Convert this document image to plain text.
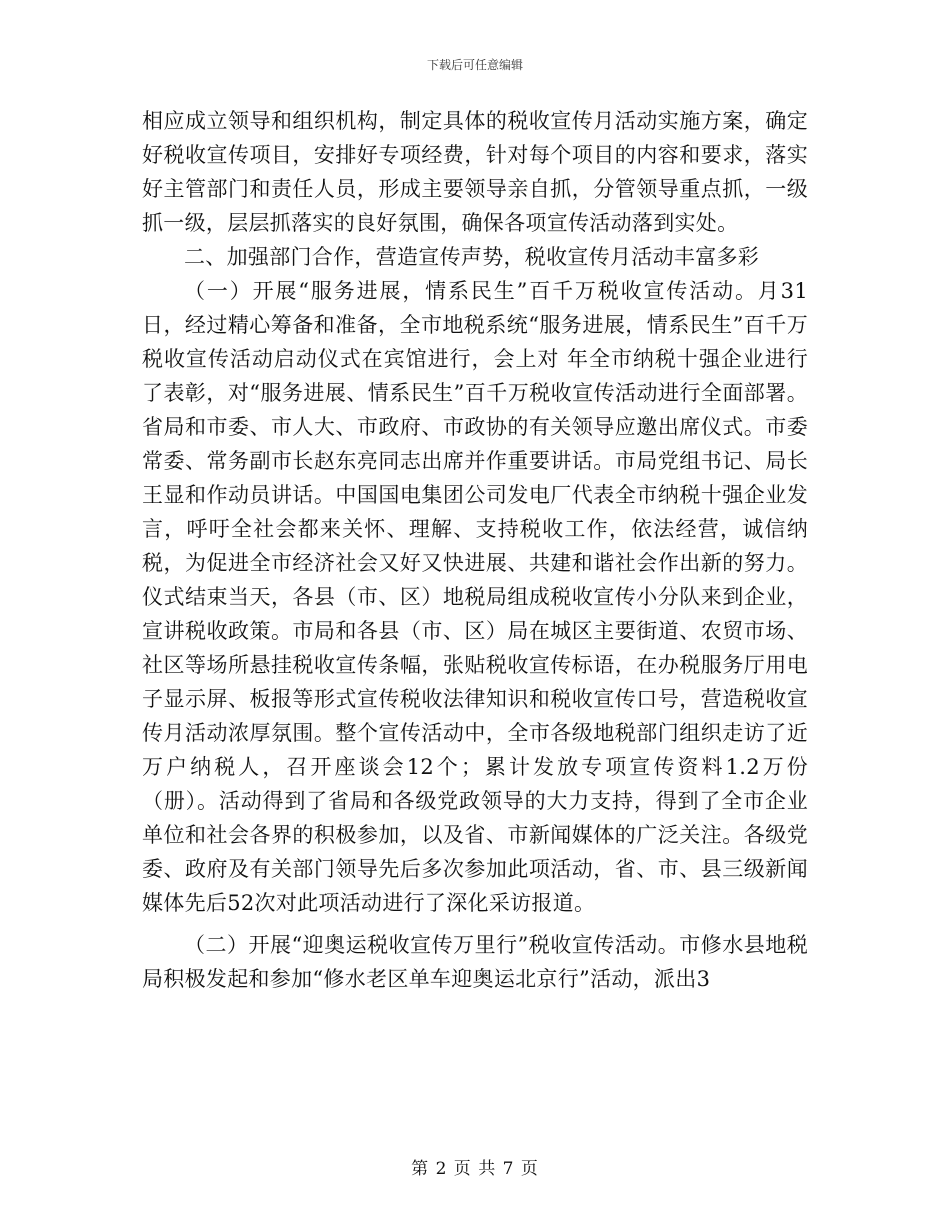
下载后可任意编辑

相应成立领导和组织机构，制定具体的税收宣传月活动实施方案，确定好税收宣传项目，安排好专项经费，针对每个项目的内容和要求，落实好主管部门和责任人员，形成主要领导亲自抓，分管领导重点抓，一级抓一级，层层抓落实的良好氛围，确保各项宣传活动落到实处。

二、加强部门合作，营造宣传声势，税收宣传月活动丰富多彩

（一）开展“服务进展，情系民生”百千万税收宣传活动。月31日，经过精心筹备和准备，全市地税系统“服务进展，情系民生”百千万税收宣传活动启动仪式在宾馆进行，会上对 年全市纳税十强企业进行了表彰，对“服务进展、情系民生”百千万税收宣传活动进行全面部署。省局和市委、市人大、市政府、市政协的有关领导应邀出席仪式。市委常委、常务副市长赵东亮同志出席并作重要讲话。市局党组书记、局长王显和作动员讲话。中国国电集团公司发电厂代表全市纳税十强企业发言，呼吁全社会都来关怀、理解、支持税收工作，依法经营，诚信纳税，为促进全市经济社会又好又快进展、共建和谐社会作出新的努力。仪式结束当天，各县（市、区）地税局组成税收宣传小分队来到企业，宣讲税收政策。市局和各县（市、区）局在城区主要街道、农贸市场、社区等场所悬挂税收宣传条幅，张贴税收宣传标语，在办税服务厅用电子显示屏、板报等形式宣传税收法律知识和税收宣传口号，营造税收宣传月活动浓厚氛围。整个宣传活动中，全市各级地税部门组织走访了近万户纳税人，召开座谈会12个；累计发放专项宣传资料1.2万份（册）。活动得到了省局和各级党政领导的大力支持，得到了全市企业单位和社会各界的积极参加，以及省、市新闻媒体的广泛关注。各级党委、政府及有关部门领导先后多次参加此项活动，省、市、县三级新闻媒体先后52次对此项活动进行了深化采访报道。

（二）开展“迎奥运税收宣传万里行”税收宣传活动。市修水县地税局积极发起和参加“修水老区单车迎奥运北京行”活动，派出3

第 2 页 共 7 页
